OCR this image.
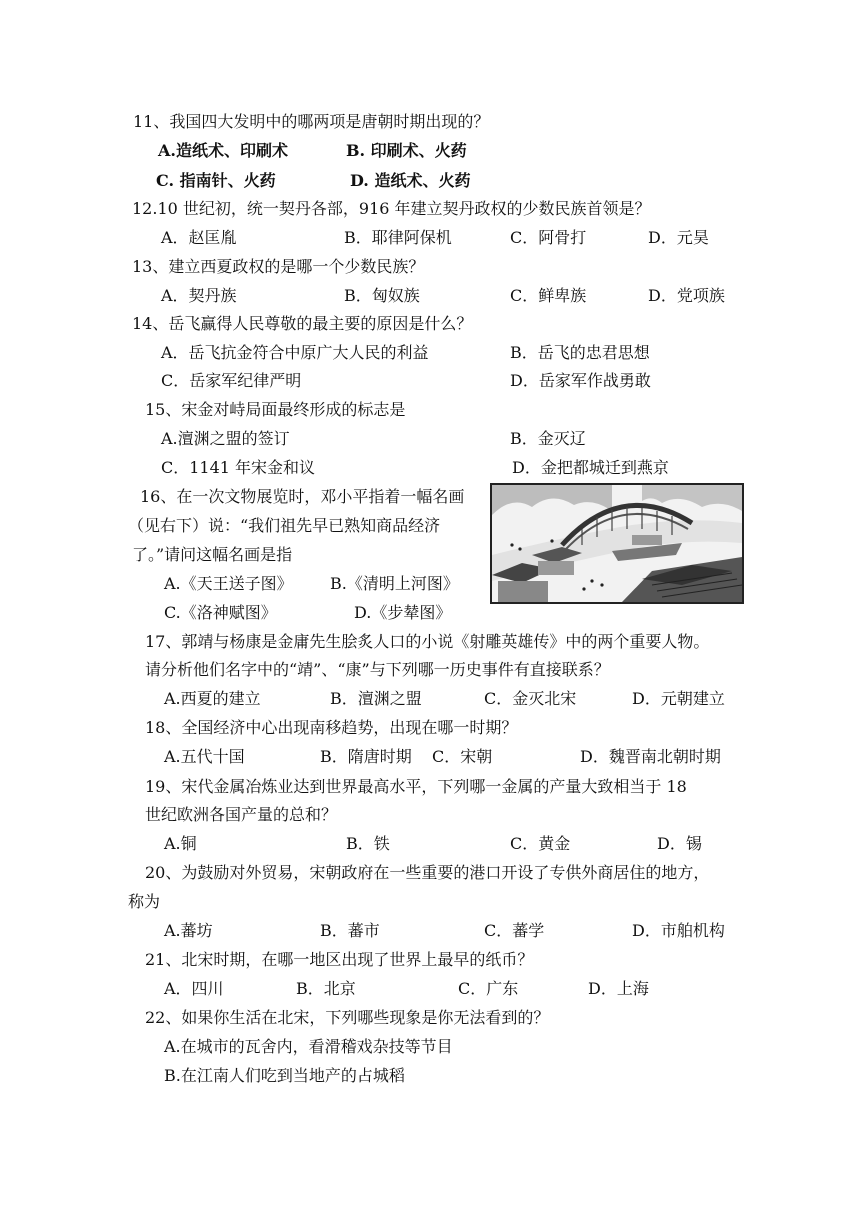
11、我国四大发明中的哪两项是唐朝时期出现的？
A.造纸术、印刷术	B. 印刷术、火药
C. 指南针、火药	D. 造纸术、火药
12.10 世纪初，统一契丹各部，916 年建立契丹政权的少数民族首领是？
A．赵匡胤	B．耶律阿保机	C．阿骨打	D．元昊
13、建立西夏政权的是哪一个少数民族？
A．契丹族	B．匈奴族	C．鲜卑族	D．党项族
14、岳飞赢得人民尊敬的最主要的原因是什么？
A．岳飞抗金符合中原广大人民的利益	B．岳飞的忠君思想
C．岳家军纪律严明	D．岳家军作战勇敢
15、宋金对峙局面最终形成的标志是
A.澶渊之盟的签订	B．金灭辽
C．1141 年宋金和议	D．金把都城迁到燕京
16、在一次文物展览时，邓小平指着一幅名画
（见右下）说：“我们祖先早已熟知商品经济
了。”请问这幅名画是指
A.《天王送子图》 B.《清明上河图》
C.《洛神赋图》	D.《步辇图》
17、郭靖与杨康是金庸先生脍炙人口的小说《射雕英雄传》中的两个重要人物。
请分析他们名字中的“靖”、“康”与下列哪一历史事件有直接联系？
A.西夏的建立	B．澶渊之盟	C．金灭北宋	D．元朝建立
18、全国经济中心出现南移趋势，出现在哪一时期？
A.五代十国	B．隋唐时期 C．宋朝	D．魏晋南北朝时期
19、宋代金属冶炼业达到世界最高水平，下列哪一金属的产量大致相当于 18
世纪欧洲各国产量的总和？
A.铜	B．铁	C．黄金	D．锡
20、为鼓励对外贸易，宋朝政府在一些重要的港口开设了专供外商居住的地方，
称为
A.蕃坊	B．蕃市	C．蕃学	D．市舶机构
21、北宋时期，在哪一地区出现了世界上最早的纸币？
A．四川	B．北京	C．广东	D．上海
22、如果你生活在北宋，下列哪些现象是你无法看到的？
A.在城市的瓦舍内，看滑稽戏杂技等节目
B.在江南人们吃到当地产的占城稻
